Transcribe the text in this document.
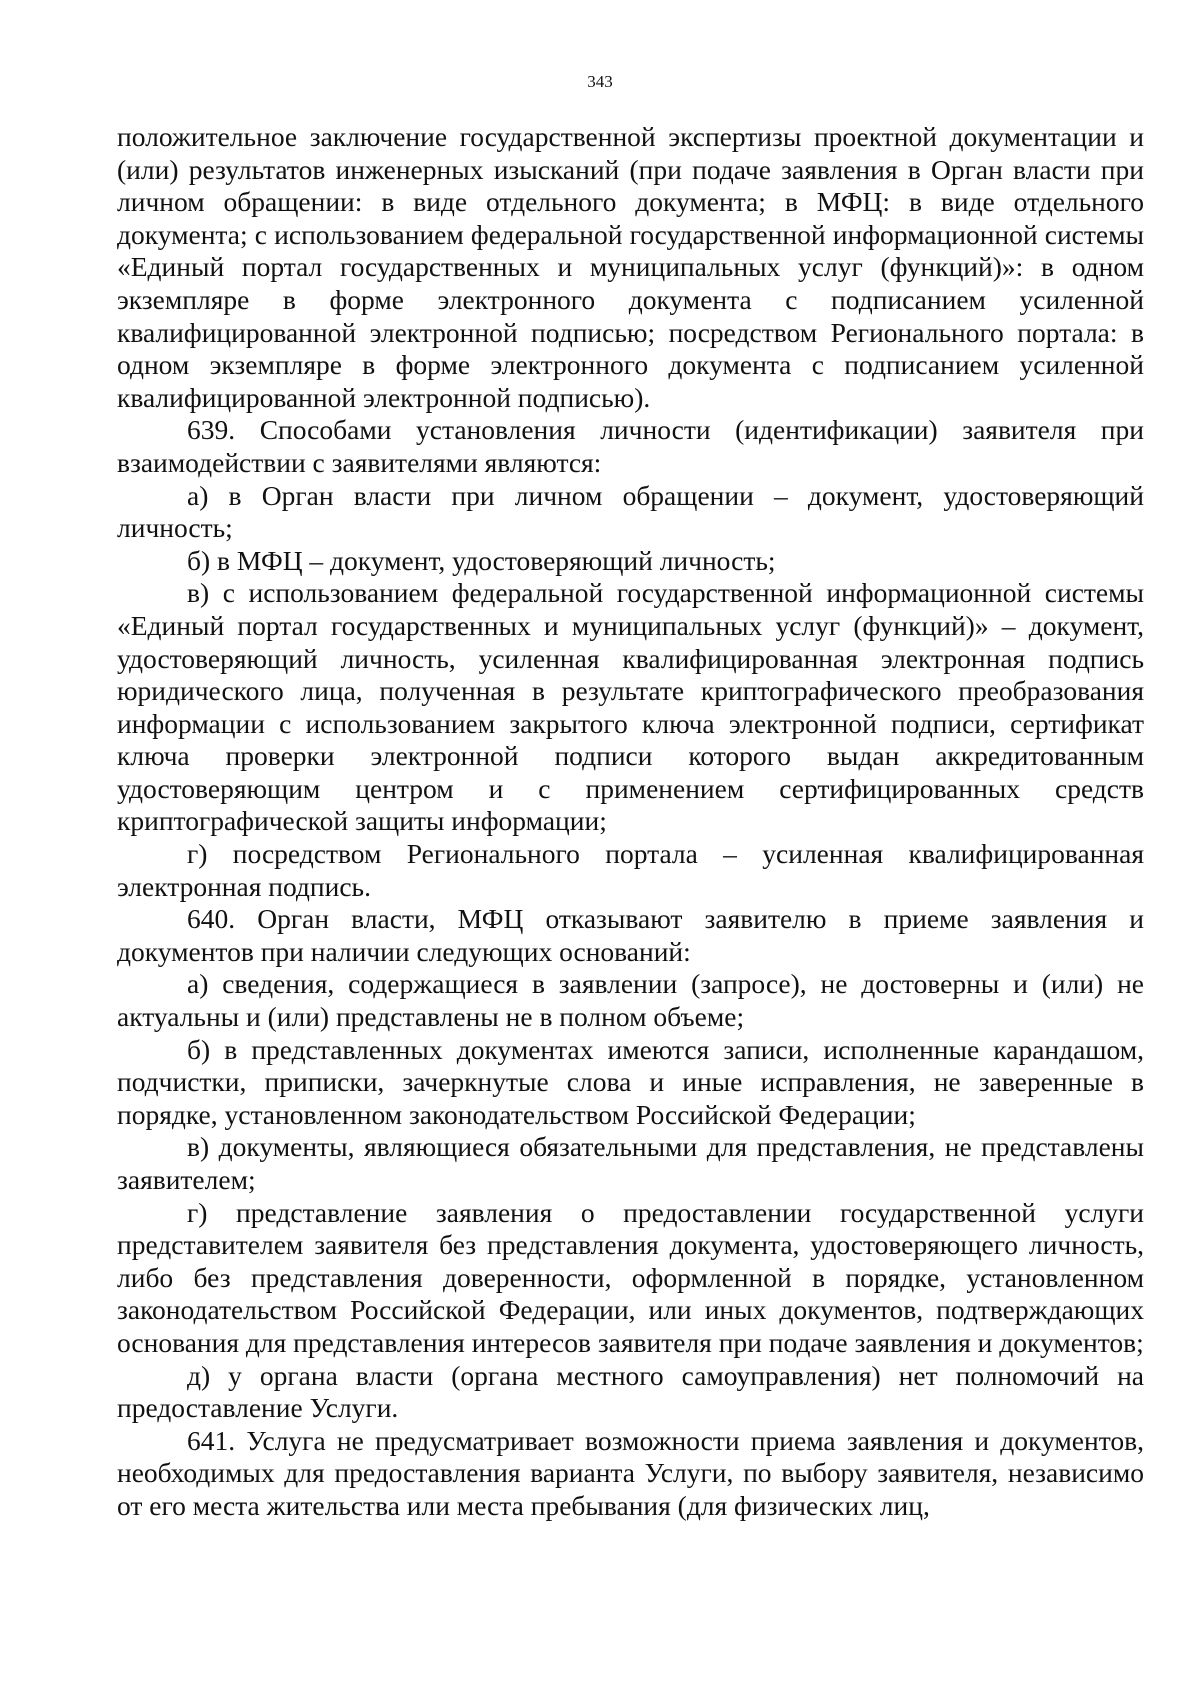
343

положительное заключение государственной экспертизы проектной документации и (или) результатов инженерных изысканий (при подаче заявления в Орган власти при личном обращении: в виде отдельного документа; в МФЦ: в виде отдельного документа; с использованием федеральной государственной информационной системы «Единый портал государственных и муниципальных услуг (функций)»: в одном экземпляре в форме электронного документа с подписанием усиленной квалифицированной электронной подписью; посредством Регионального портала: в одном экземпляре в форме электронного документа с подписанием усиленной квалифицированной электронной подписью).

639. Способами установления личности (идентификации) заявителя при взаимодействии с заявителями являются:

а) в Орган власти при личном обращении – документ, удостоверяющий личность;

б) в МФЦ – документ, удостоверяющий личность;

в) с использованием федеральной государственной информационной системы «Единый портал государственных и муниципальных услуг (функций)» – документ, удостоверяющий личность, усиленная квалифицированная электронная подпись юридического лица, полученная в результате криптографического преобразования информации с использованием закрытого ключа электронной подписи, сертификат ключа проверки электронной подписи которого выдан аккредитованным удостоверяющим центром и с применением сертифицированных средств криптографической защиты информации;

г) посредством Регионального портала – усиленная квалифицированная электронная подпись.

640. Орган власти, МФЦ отказывают заявителю в приеме заявления и документов при наличии следующих оснований:

а) сведения, содержащиеся в заявлении (запросе), не достоверны и (или) не актуальны и (или) представлены не в полном объеме;

б) в представленных документах имеются записи, исполненные карандашом, подчистки, приписки, зачеркнутые слова и иные исправления, не заверенные в порядке, установленном законодательством Российской Федерации;

в) документы, являющиеся обязательными для представления, не представлены заявителем;

г) представление заявления о предоставлении государственной услуги представителем заявителя без представления документа, удостоверяющего личность, либо без представления доверенности, оформленной в порядке, установленном законодательством Российской Федерации, или иных документов, подтверждающих основания для представления интересов заявителя при подаче заявления и документов;

д) у органа власти (органа местного самоуправления) нет полномочий на предоставление Услуги.

641. Услуга не предусматривает возможности приема заявления и документов, необходимых для предоставления варианта Услуги, по выбору заявителя, независимо от его места жительства или места пребывания (для физических лиц,
